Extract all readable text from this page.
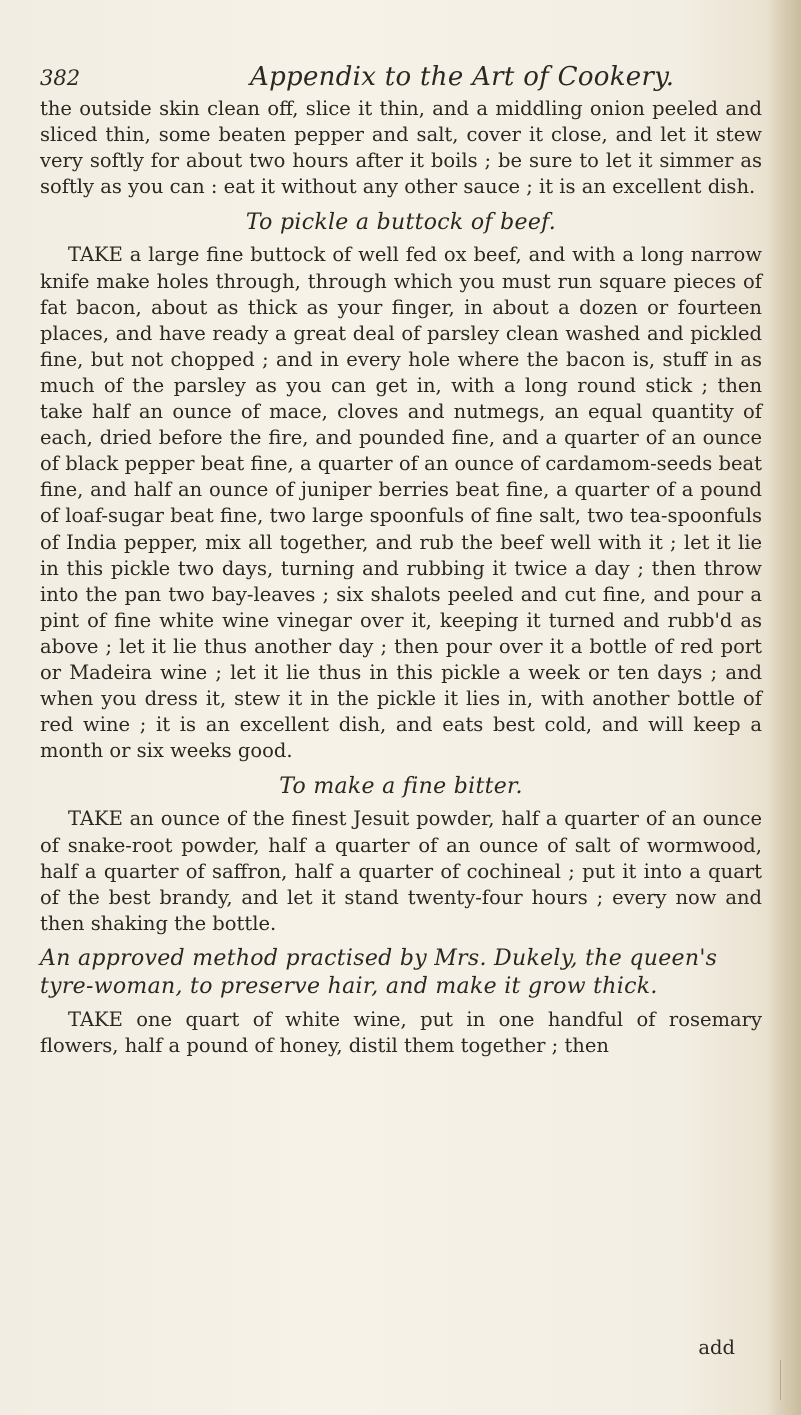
382	Appendix to the Art of Cookery.

the outside skin clean off, slice it thin, and a middling onion peeled and sliced thin, some beaten pepper and salt, cover it close, and let it stew very softly for about two hours after it boils ; be sure to let it simmer as softly as you can : eat it without any other sauce ; it is an excellent dish.

To pickle a buttock of beef.

TAKE a large fine buttock of well fed ox beef, and with a long narrow knife make holes through, through which you must run square pieces of fat bacon, about as thick as your finger, in about a dozen or fourteen places, and have ready a great deal of parsley clean washed and pickled fine, but not chopped ; and in every hole where the bacon is, stuff in as much of the parsley as you can get in, with a long round stick ; then take half an ounce of mace, cloves and nutmegs, an equal quantity of each, dried before the fire, and pounded fine, and a quarter of an ounce of black pepper beat fine, a quarter of an ounce of cardamom-seeds beat fine, and half an ounce of juniper berries beat fine, a quarter of a pound of loaf-sugar beat fine, two large spoonfuls of fine salt, two tea-spoonfuls of India pepper, mix all together, and rub the beef well with it ; let it lie in this pickle two days, turning and rubbing it twice a day ; then throw into the pan two bay-leaves ; six shalots peeled and cut fine, and pour a pint of fine white wine vinegar over it, keeping it turned and rubb'd as above ; let it lie thus another day ; then pour over it a bottle of red port or Madeira wine ; let it lie thus in this pickle a week or ten days ; and when you dress it, stew it in the pickle it lies in, with another bottle of red wine ; it is an excellent dish, and eats best cold, and will keep a month or six weeks good.

To make a fine bitter.

TAKE an ounce of the finest Jesuit powder, half a quarter of an ounce of snake-root powder, half a quarter of an ounce of salt of wormwood, half a quarter of saffron, half a quarter of cochineal ; put it into a quart of the best brandy, and let it stand twenty-four hours ; every now and then shaking the bottle.

An approved method practised by Mrs. Dukely, the queen's tyre-woman, to preserve hair, and make it grow thick.

TAKE one quart of white wine, put in one handful of rosemary flowers, half a pound of honey, distil them together ; then

add
